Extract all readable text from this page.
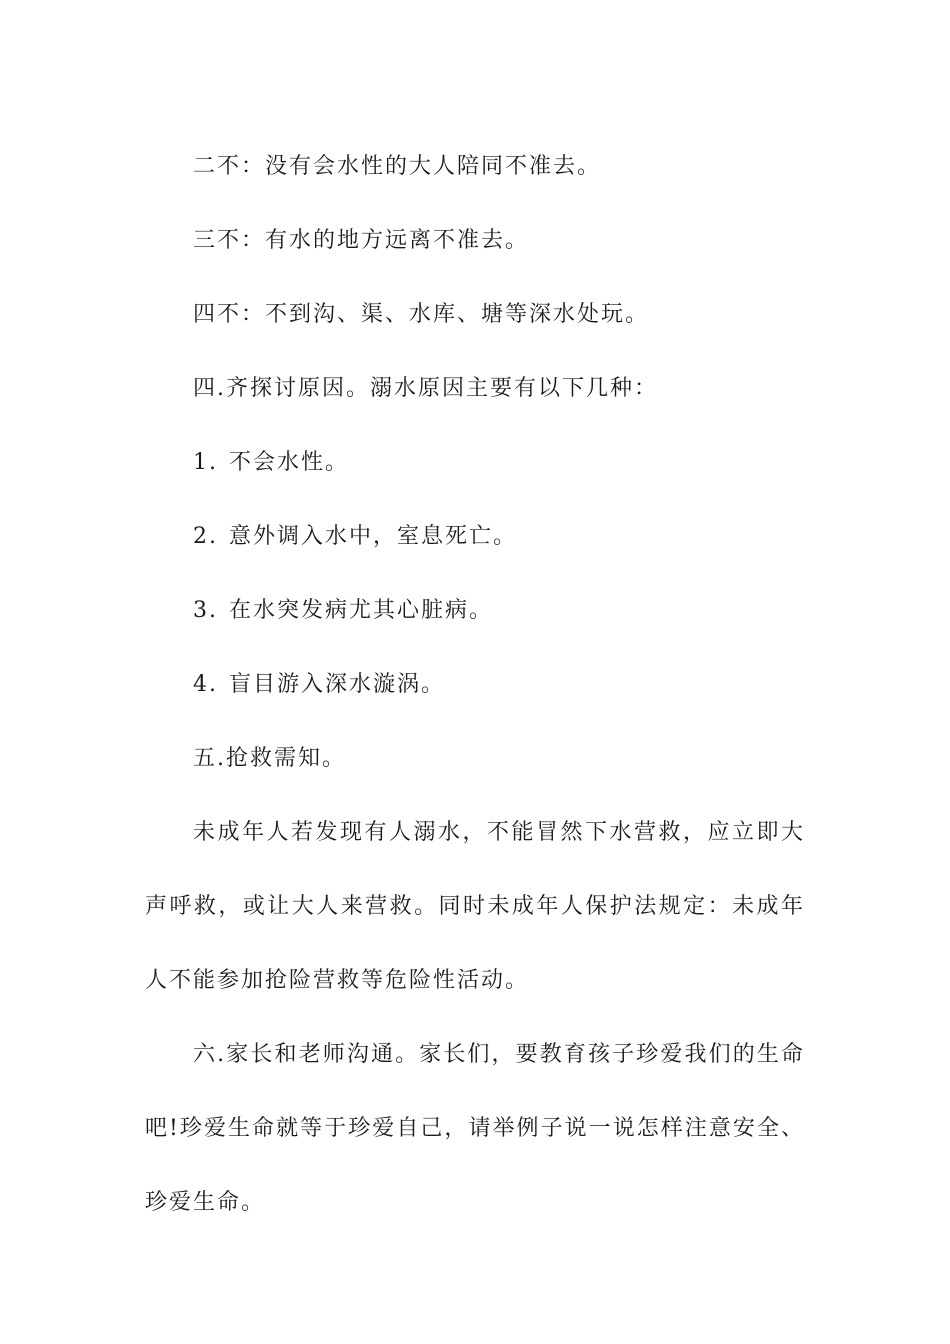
二不：没有会水性的大人陪同不准去。

三不：有水的地方远离不准去。

四不：不到沟、渠、水库、塘等深水处玩。

四.齐探讨原因。溺水原因主要有以下几种：

1. 不会水性。

2. 意外调入水中，室息死亡。

3. 在水突发病尤其心脏病。

4. 盲目游入深水漩涡。

五.抢救需知。

未成年人若发现有人溺水，不能冒然下水营救，应立即大声呼救，或让大人来营救。同时未成年人保护法规定：未成年人不能参加抢险营救等危险性活动。

六.家长和老师沟通。家长们，要教育孩子珍爱我们的生命吧!珍爱生命就等于珍爱自己，请举例子说一说怎样注意安全、珍爱生命。
